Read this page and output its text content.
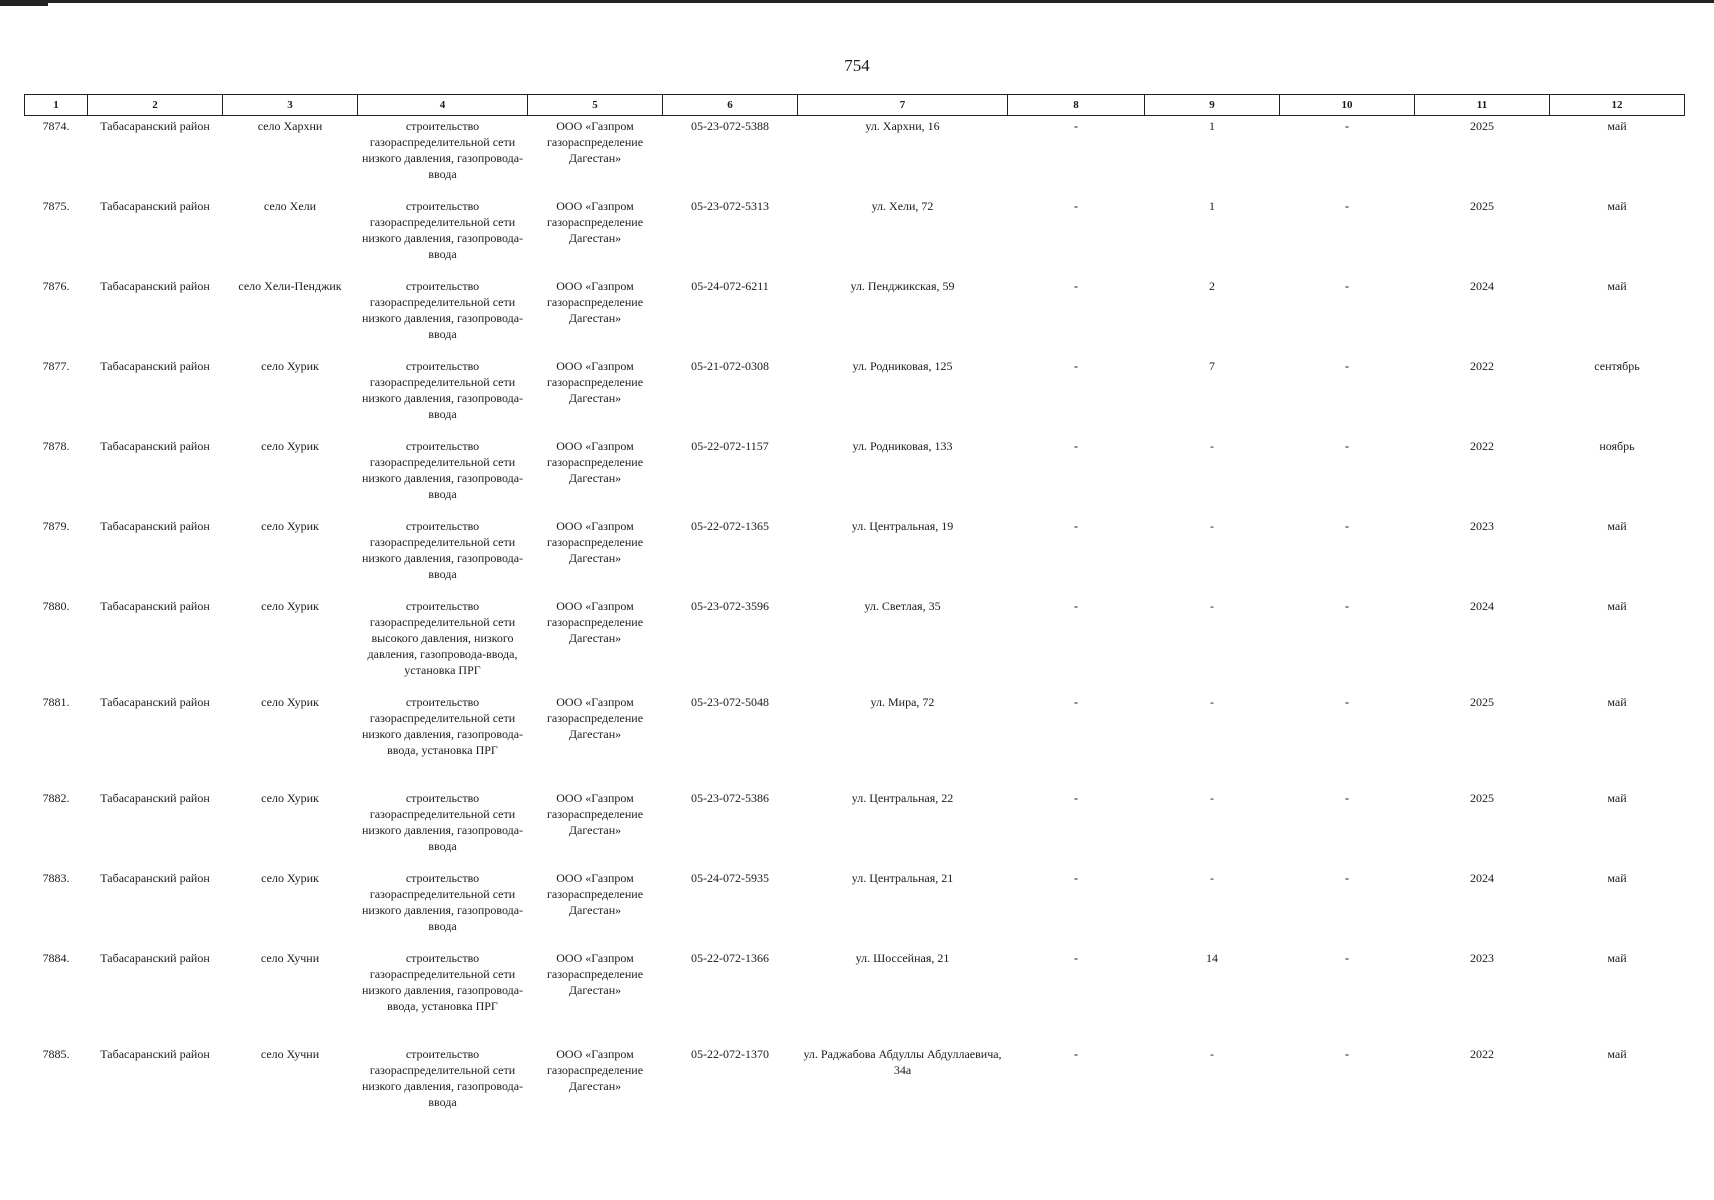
754
1	2	3	4	5	6	7	8	9	10	11	12
7874.	Табасаранский район	село Хархни	строительство газораспределительной сети низкого давления, газопровода-ввода	ООО «Газпром газораспределение Дагестан»	05-23-072-5388	ул. Хархни, 16	-	1	-	2025	май
7875.	Табасаранский район	село Хели	строительство газораспределительной сети низкого давления, газопровода-ввода	ООО «Газпром газораспределение Дагестан»	05-23-072-5313	ул. Хели, 72	-	1	-	2025	май
7876.	Табасаранский район	село Хели-Пенджик	строительство газораспределительной сети низкого давления, газопровода-ввода	ООО «Газпром газораспределение Дагестан»	05-24-072-6211	ул. Пенджикская, 59	-	2	-	2024	май
7877.	Табасаранский район	село Хурик	строительство газораспределительной сети низкого давления, газопровода-ввода	ООО «Газпром газораспределение Дагестан»	05-21-072-0308	ул. Родниковая, 125	-	7	-	2022	сентябрь
7878.	Табасаранский район	село Хурик	строительство газораспределительной сети низкого давления, газопровода-ввода	ООО «Газпром газораспределение Дагестан»	05-22-072-1157	ул. Родниковая, 133	-	-	-	2022	ноябрь
7879.	Табасаранский район	село Хурик	строительство газораспределительной сети низкого давления, газопровода-ввода	ООО «Газпром газораспределение Дагестан»	05-22-072-1365	ул. Центральная, 19	-	-	-	2023	май
7880.	Табасаранский район	село Хурик	строительство газораспределительной сети высокого давления, низкого давления, газопровода-ввода, установка ПРГ	ООО «Газпром газораспределение Дагестан»	05-23-072-3596	ул. Светлая, 35	-	-	-	2024	май
7881.	Табасаранский район	село Хурик	строительство газораспределительной сети низкого давления, газопровода-ввода, установка ПРГ	ООО «Газпром газораспределение Дагестан»	05-23-072-5048	ул. Мира, 72	-	-	-	2025	май
7882.	Табасаранский район	село Хурик	строительство газораспределительной сети низкого давления, газопровода-ввода	ООО «Газпром газораспределение Дагестан»	05-23-072-5386	ул. Центральная, 22	-	-	-	2025	май
7883.	Табасаранский район	село Хурик	строительство газораспределительной сети низкого давления, газопровода-ввода	ООО «Газпром газораспределение Дагестан»	05-24-072-5935	ул. Центральная, 21	-	-	-	2024	май
7884.	Табасаранский район	село Хучни	строительство газораспределительной сети низкого давления, газопровода-ввода, установка ПРГ	ООО «Газпром газораспределение Дагестан»	05-22-072-1366	ул. Шоссейная, 21	-	14	-	2023	май
7885.	Табасаранский район	село Хучни	строительство газораспределительной сети низкого давления, газопровода-ввода	ООО «Газпром газораспределение Дагестан»	05-22-072-1370	ул. Раджабова Абдуллы Абдуллаевича, 34а	-	-	-	2022	май
